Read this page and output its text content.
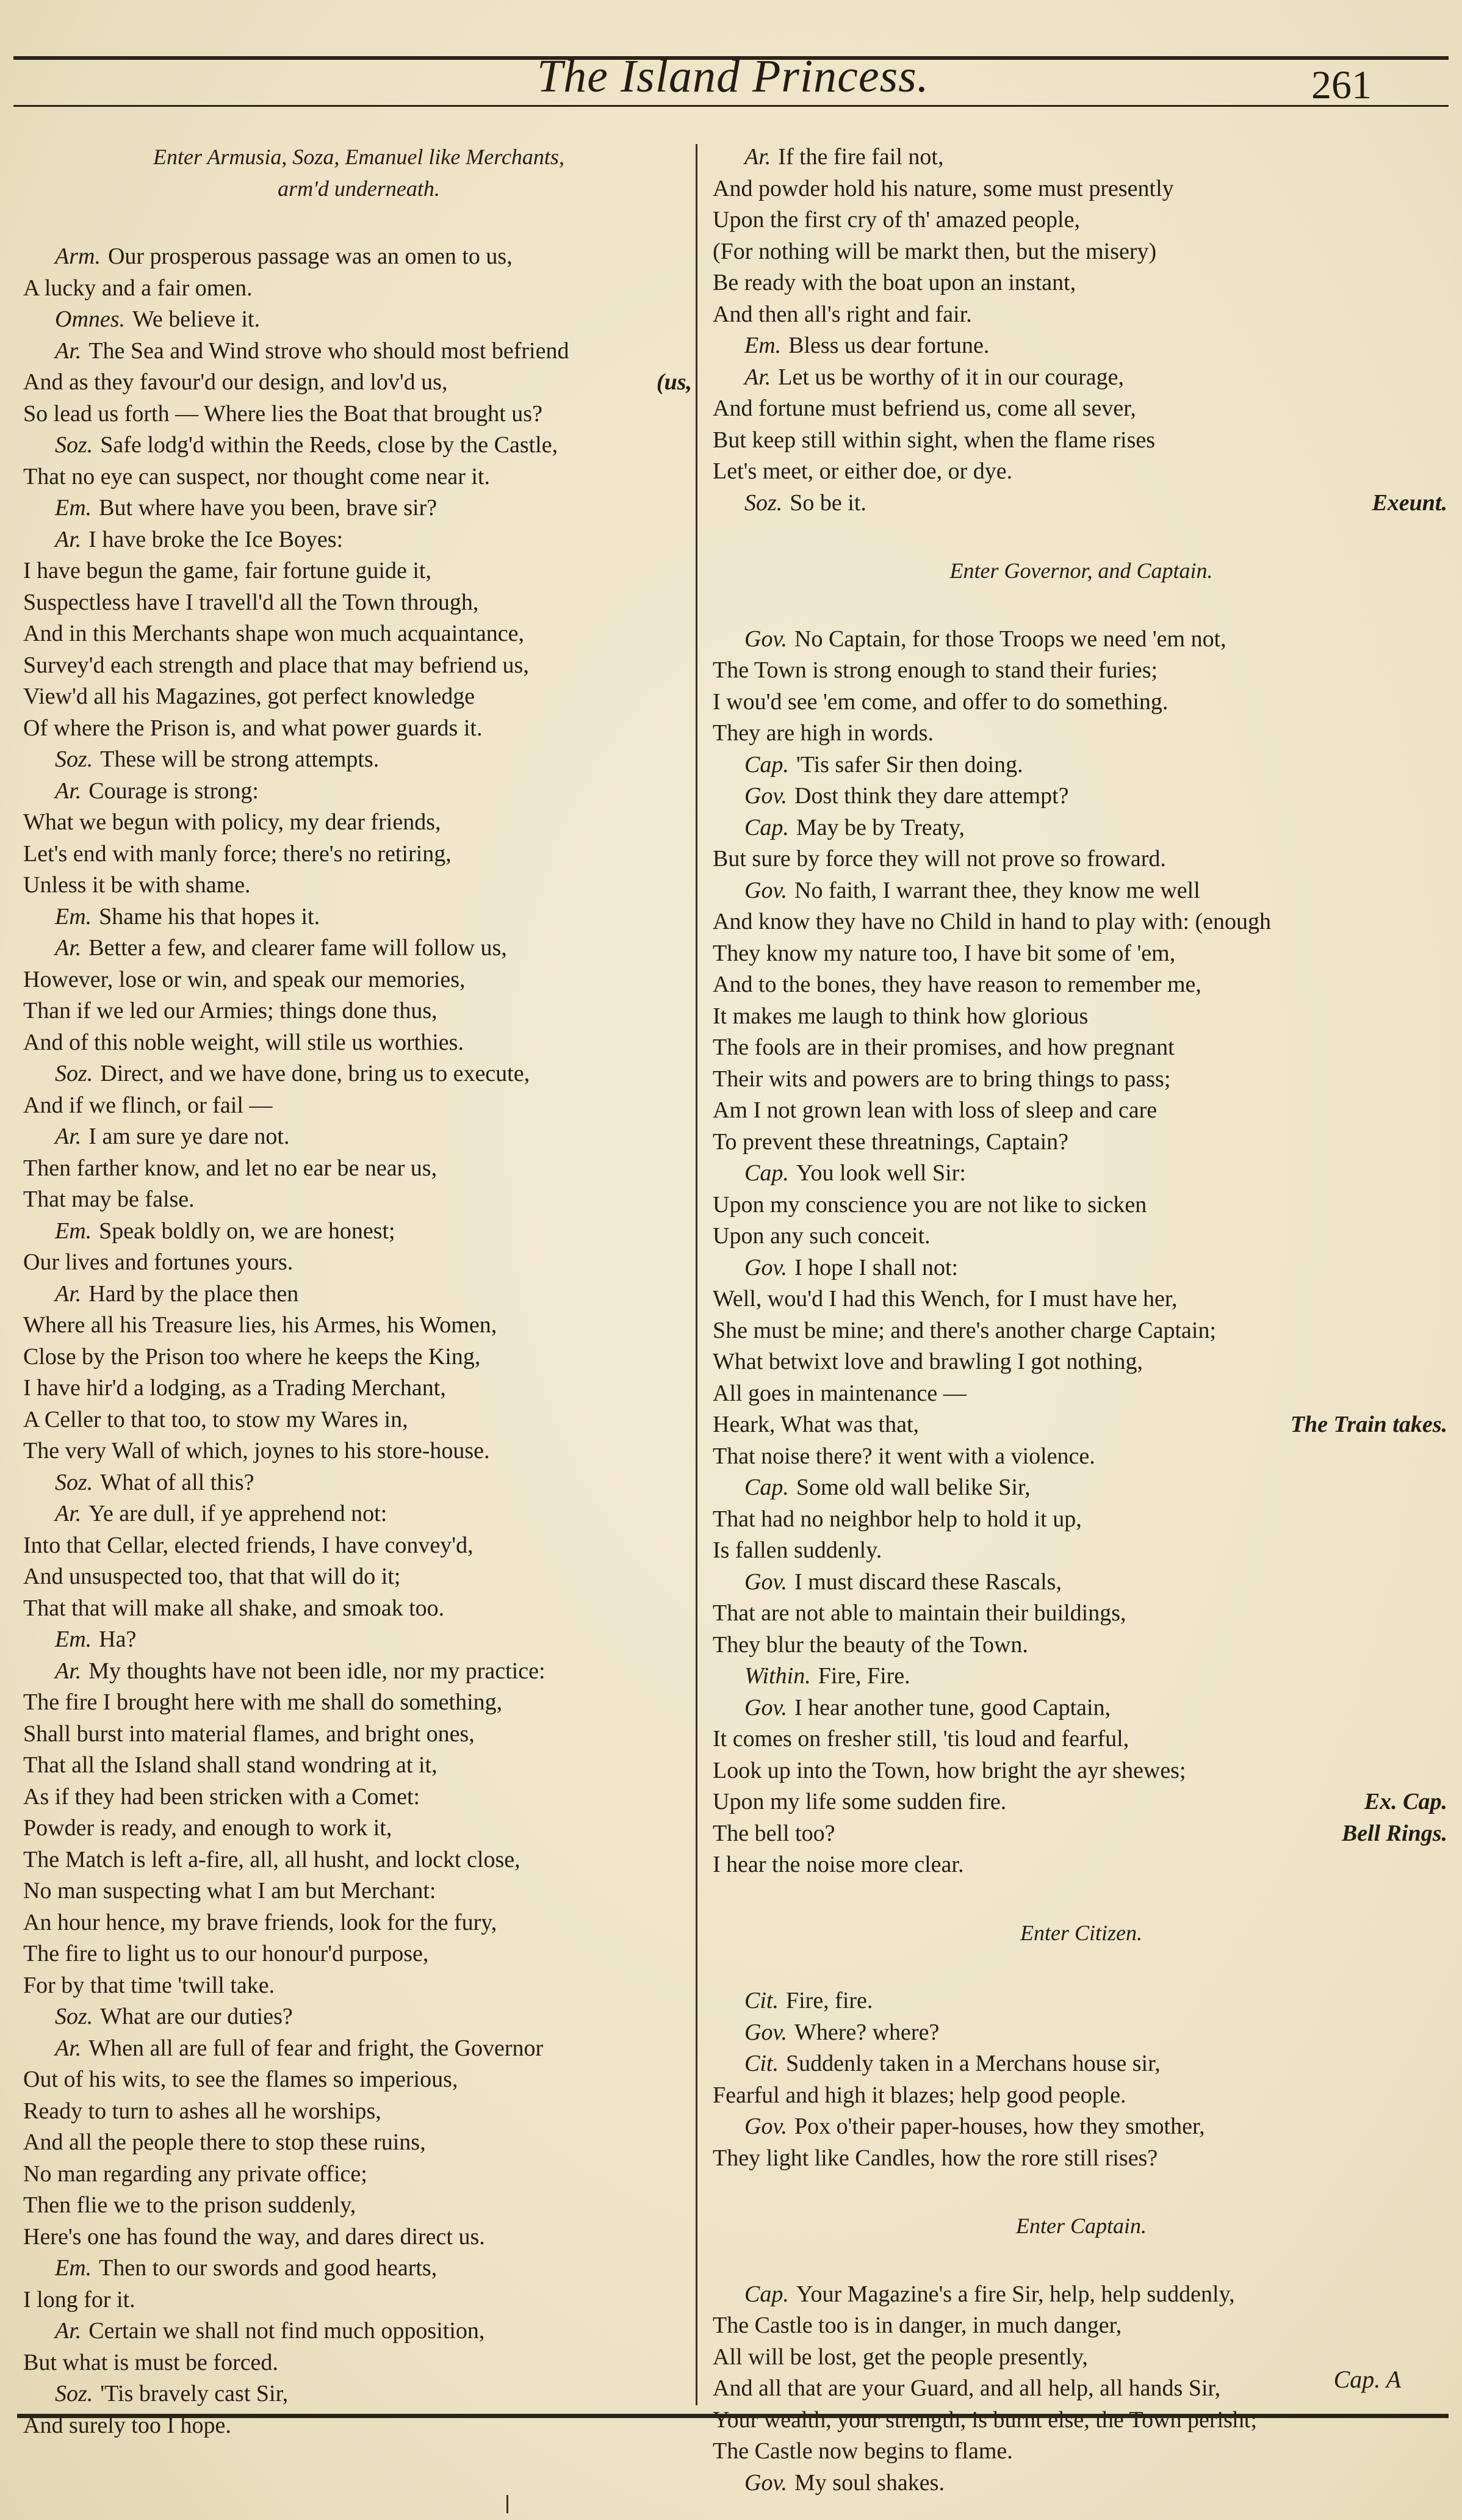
The Island Princess.	261
Enter Armusia, Soza, Emanuel like Merchants,
arm'd underneath.
Arm. Our prosperous passage was an omen to us,
A lucky and a fair omen.
Omnes. We believe it.
Ar. The Sea and Wind strove who should most befriend
And as they favour'd our design, and lov'd us,	(us,
So lead us forth — Where lies the Boat that brought us?
Soz. Safe lodg'd within the Reeds, close by the Castle,
That no eye can suspect, nor thought come near it.
Em. But where have you been, brave sir?
Ar. I have broke the Ice Boyes:
I have begun the game, fair fortune guide it,
Suspectless have I travell'd all the Town through,
And in this Merchants shape won much acquaintance,
Survey'd each strength and place that may befriend us,
View'd all his Magazines, got perfect knowledge
Of where the Prison is, and what power guards it.
Soz. These will be strong attempts.
Ar. Courage is strong:
What we begun with policy, my dear friends,
Let's end with manly force; there's no retiring,
Unless it be with shame.
Em. Shame his that hopes it.
Ar. Better a few, and clearer fame will follow us,
However, lose or win, and speak our memories,
Than if we led our Armies; things done thus,
And of this noble weight, will stile us worthies.
Soz. Direct, and we have done, bring us to execute,
And if we flinch, or fail —
Ar. I am sure ye dare not.
Then farther know, and let no ear be near us,
That may be false.
Em. Speak boldly on, we are honest;
Our lives and fortunes yours.
Ar. Hard by the place then
Where all his Treasure lies, his Armes, his Women,
Close by the Prison too where he keeps the King,
I have hir'd a lodging, as a Trading Merchant,
A Celler to that too, to stow my Wares in,
The very Wall of which, joynes to his store-house.
Soz. What of all this?
Ar. Ye are dull, if ye apprehend not:
Into that Cellar, elected friends, I have convey'd,
And unsuspected too, that that will do it;
That that will make all shake, and smoak too.
Em. Ha?
Ar. My thoughts have not been idle, nor my practice:
The fire I brought here with me shall do something,
Shall burst into material flames, and bright ones,
That all the Island shall stand wondring at it,
As if they had been stricken with a Comet:
Powder is ready, and enough to work it,
The Match is left a-fire, all, all husht, and lockt close,
No man suspecting what I am but Merchant:
An hour hence, my brave friends, look for the fury,
The fire to light us to our honour'd purpose,
For by that time 'twill take.
Soz. What are our duties?
Ar. When all are full of fear and fright, the Governor
Out of his wits, to see the flames so imperious,
Ready to turn to ashes all he worships,
And all the people there to stop these ruins,
No man regarding any private office;
Then flie we to the prison suddenly,
Here's one has found the way, and dares direct us.
Em. Then to our swords and good hearts,
I long for it.
Ar. Certain we shall not find much opposition,
But what is must be forced.
Soz. 'Tis bravely cast Sir,
And surely too I hope.
Ar. If the fire fail not,
And powder hold his nature, some must presently
Upon the first cry of th' amazed people,
(For nothing will be markt then, but the misery)
Be ready with the boat upon an instant,
And then all's right and fair.
Em. Bless us dear fortune.
Ar. Let us be worthy of it in our courage,
And fortune must befriend us, come all sever,
But keep still within sight, when the flame rises
Let's meet, or either doe, or dye.
Soz. So be it.	Exeunt.
Enter Governor, and Captain.
Gov. No Captain, for those Troops we need 'em not,
The Town is strong enough to stand their furies;
I wou'd see 'em come, and offer to do something.
They are high in words.
Cap. 'Tis safer Sir then doing.
Gov. Dost think they dare attempt?
Cap. May be by Treaty,
But sure by force they will not prove so froward.
Gov. No faith, I warrant thee, they know me well
And know they have no Child in hand to play with: (enough
They know my nature too, I have bit some of 'em,
And to the bones, they have reason to remember me,
It makes me laugh to think how glorious
The fools are in their promises, and how pregnant
Their wits and powers are to bring things to pass;
Am I not grown lean with loss of sleep and care
To prevent these threatnings, Captain?
Cap. You look well Sir:
Upon my conscience you are not like to sicken
Upon any such conceit.
Gov. I hope I shall not:
Well, wou'd I had this Wench, for I must have her,
She must be mine; and there's another charge Captain;
What betwixt love and brawling I got nothing,
All goes in maintenance —
Heark, What was that,	The Train takes.
That noise there? it went with a violence.
Cap. Some old wall belike Sir,
That had no neighbor help to hold it up,
Is fallen suddenly.
Gov. I must discard these Rascals,
That are not able to maintain their buildings,
They blur the beauty of the Town.
Within. Fire, Fire.
Gov. I hear another tune, good Captain,
It comes on fresher still, 'tis loud and fearful,
Look up into the Town, how bright the ayr shewes;
Upon my life some sudden fire.	Ex. Cap.
The bell too?	Bell Rings.
I hear the noise more clear.
Enter Citizen.
Cit. Fire, fire.
Gov. Where? where?
Cit. Suddenly taken in a Merchans house sir,
Fearful and high it blazes; help good people.
Gov. Pox o'their paper-houses, how they smother,
They light like Candles, how the rore still rises?
Enter Captain.
Cap. Your Magazine's a fire Sir, help, help suddenly,
The Castle too is in danger, in much danger,
All will be lost, get the people presently,
And all that are your Guard, and all help, all hands Sir,
Your wealth, your strength, is burnt else, the Town perisht;
The Castle now begins to flame.
Gov. My soul shakes.
Cap. A
